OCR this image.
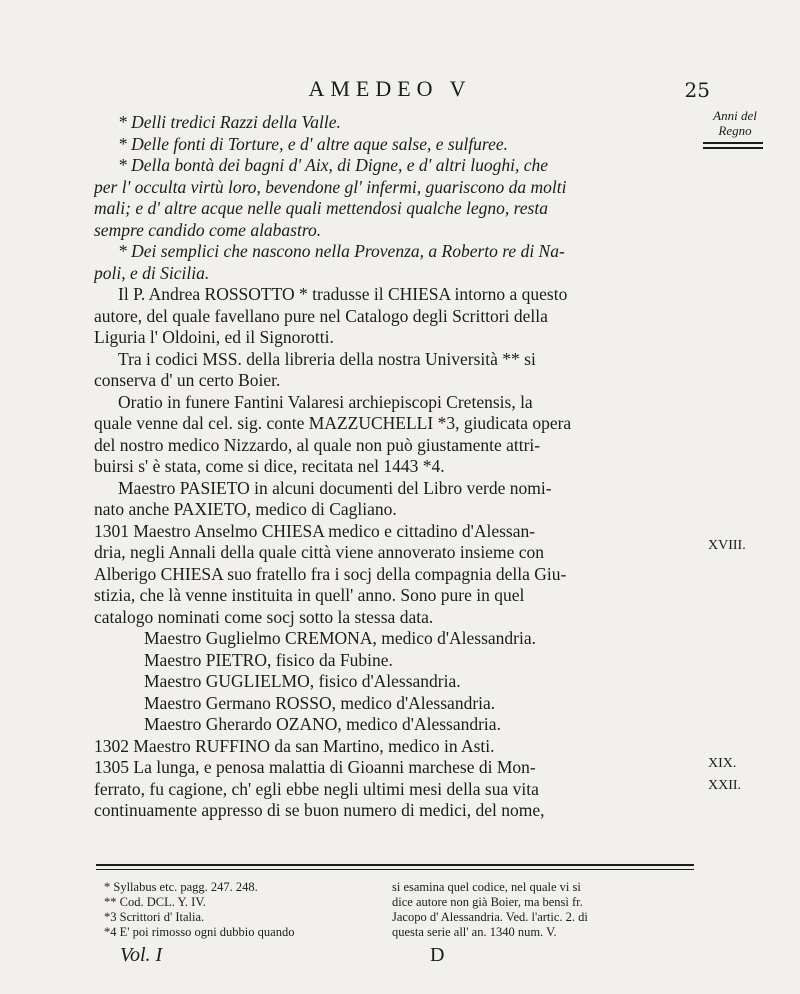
AMEDEO V	25
Anni del Regno
* Delli tredici Razzi della Valle.
* Delle fonti di Torture, e d' altre aque salse, e sulfuree.
* Della bontà dei bagni d' Aix, di Digne, e d' altri luoghi, che
per l' occulta virtù loro, bevendone gl' infermi, guariscono da molti
mali; e d' altre acque nelle quali mettendosi qualche legno, resta
sempre candido come alabastro.
* Dei semplici che nascono nella Provenza, a Roberto re di Na-
poli, e di Sicilia.
Il P. Andrea ROSSOTTO * tradusse il CHIESA intorno a questo
autore, del quale favellano pure nel Catalogo degli Scrittori della
Liguria l' Oldoini, ed il Signorotti.
Tra i codici MSS. della libreria della nostra Università ** si
conserva d' un certo Boier.
Oratio in funere Fantini Valaresi archiepiscopi Cretensis, la
quale venne dal cel. sig. conte MAZZUCHELLI *3, giudicata opera
del nostro medico Nizzardo, al quale non può giustamente attri-
buirsi s' è stata, come si dice, recitata nel 1443 *4.
Maestro PASIETO in alcuni documenti del Libro verde nomi-
nato anche PAXIETO, medico di Cagliano.
1301 Maestro Anselmo CHIESA medico e cittadino d'Alessan-
dria, negli Annali della quale città viene annoverato insieme con
Alberigo CHIESA suo fratello fra i socj della compagnia della Giu-
stizia, che là venne instituita in quell' anno. Sono pure in quel
catalogo nominati come socj sotto la stessa data.
Maestro Guglielmo CREMONA, medico d'Alessandria.
Maestro PIETRO, fisico da Fubine.
Maestro GUGLIELMO, fisico d'Alessandria.
Maestro Germano ROSSO, medico d'Alessandria.
Maestro Gherardo OZANO, medico d'Alessandria.
1302 Maestro RUFFINO da san Martino, medico in Asti.
1305 La lunga, e penosa malattia di Gioanni marchese di Mon-
ferrato, fu cagione, ch' egli ebbe negli ultimi mesi della sua vita
continuamente appresso di se buon numero di medici, del nome,
XVIII.
XIX.
XXII.
* Syllabus etc. pagg. 247. 248.
** Cod. DCL. Y. IV.
*3 Scrittori d' Italia.
*4 E' poi rimosso ogni dubbio quando
si esamina quel codice, nel quale vi si
dice autore non già Boier, ma bensì fr.
Jacopo d' Alessandria. Ved. l'artic. 2. di
questa serie all' an. 1340 num. V.
Vol. I	D
